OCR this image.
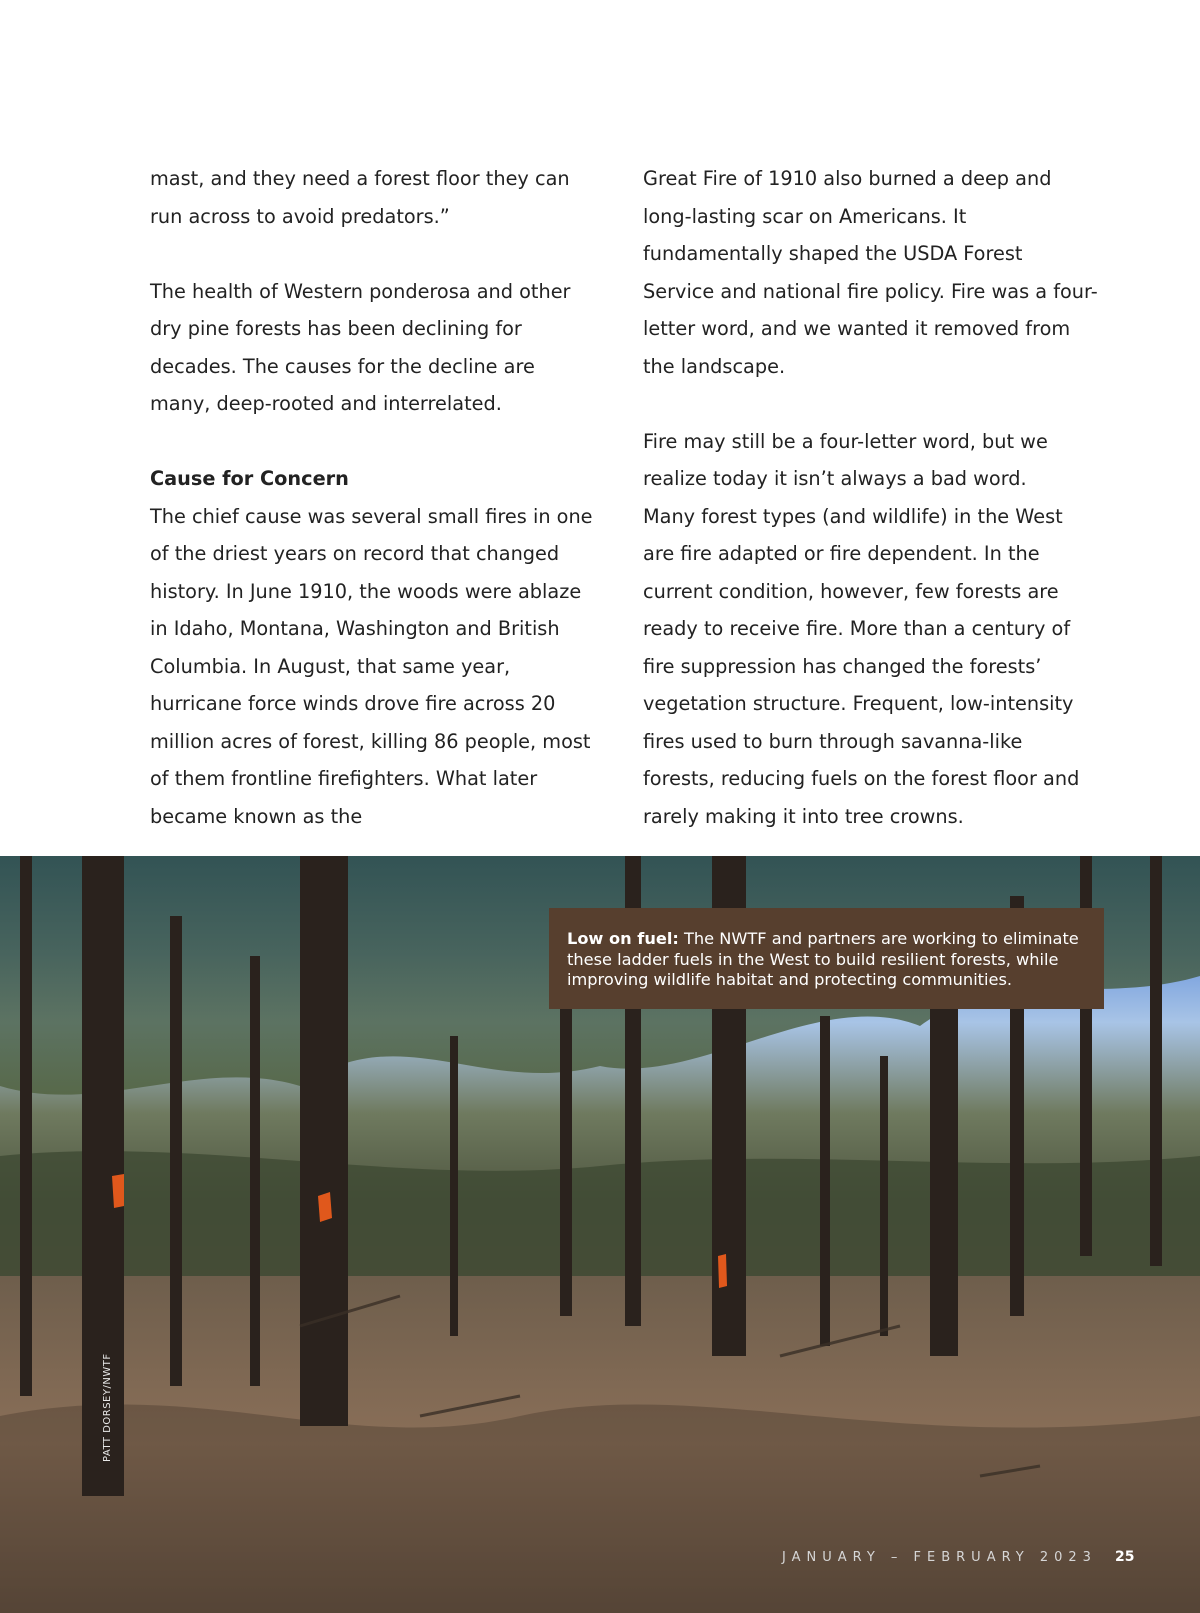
mast, and they need a forest floor they can run across to avoid predators.”

The health of Western ponderosa and other dry pine forests has been declining for decades. The causes for the decline are many, deep-rooted and interrelated.

Cause for Concern

The chief cause was several small fires in one of the driest years on record that changed history. In June 1910, the woods were ablaze in Idaho, Montana, Washington and British Columbia. In August, that same year, hurricane force winds drove fire across 20 million acres of forest, killing 86 people, most of them frontline firefighters. What later became known as the

Great Fire of 1910 also burned a deep and long-lasting scar on Americans. It fundamentally shaped the USDA Forest Service and national fire policy. Fire was a four-letter word, and we wanted it removed from the landscape.

Fire may still be a four-letter word, but we realize today it isn’t always a bad word.

Many forest types (and wildlife) in the West are fire adapted or fire dependent. In the current condition, however, few forests are ready to receive fire. More than a century of fire suppression has changed the forests’ vegetation structure. Frequent, low-intensity fires used to burn through savanna-like forests, reducing fuels on the forest floor and rarely making it into tree crowns.

Low on fuel: The NWTF and partners are working to eliminate these ladder fuels in the West to build resilient forests, while improving wildlife habitat and protecting communities.
PATT DORSEY/NWTF
JANUARY – FEBRUARY 2023 25
